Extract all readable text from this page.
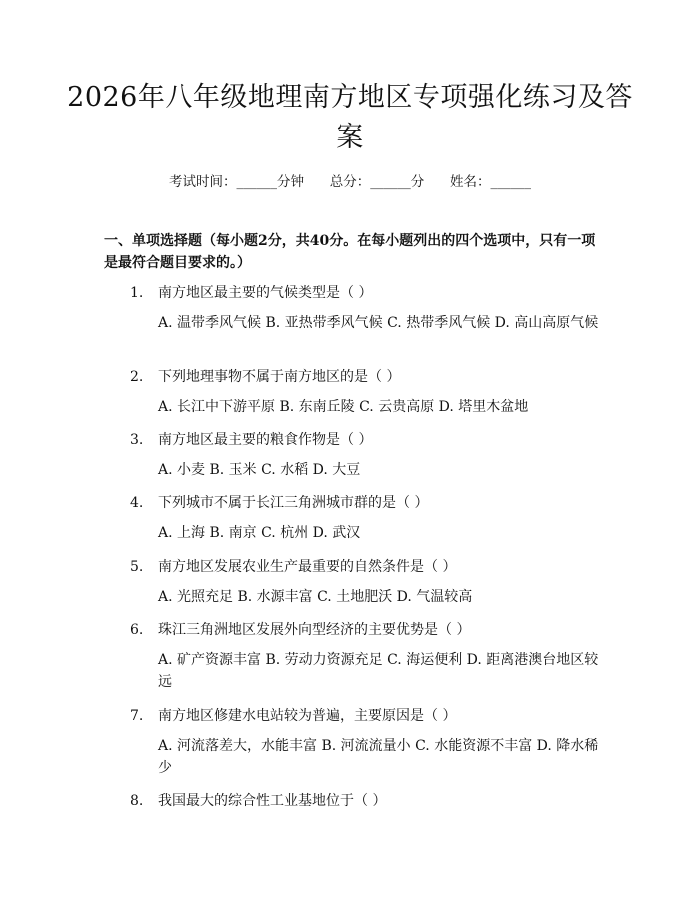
2026年八年级地理南方地区专项强化练习及答案
考试时间：______分钟      总分：______分      姓名：______
一、单项选择题（每小题2分，共40分。在每小题列出的四个选项中，只有一项是最符合题目要求的。）
1. 南方地区最主要的气候类型是（ ）
A. 温带季风气候 B. 亚热带季风气候 C. 热带季风气候 D. 高山高原气候
2. 下列地理事物不属于南方地区的是（ ）
A. 长江中下游平原 B. 东南丘陵 C. 云贵高原 D. 塔里木盆地
3. 南方地区最主要的粮食作物是（ ）
A. 小麦 B. 玉米 C. 水稻 D. 大豆
4. 下列城市不属于长江三角洲城市群的是（ ）
A. 上海 B. 南京 C. 杭州 D. 武汉
5. 南方地区发展农业生产最重要的自然条件是（ ）
A. 光照充足 B. 水源丰富 C. 土地肥沃 D. 气温较高
6. 珠江三角洲地区发展外向型经济的主要优势是（ ）
A. 矿产资源丰富 B. 劳动力资源充足 C. 海运便利 D. 距离港澳台地区较远
7. 南方地区修建水电站较为普遍，主要原因是（ ）
A. 河流落差大，水能丰富 B. 河流流量小 C. 水能资源不丰富 D. 降水稀少
8. 我国最大的综合性工业基地位于（ ）
